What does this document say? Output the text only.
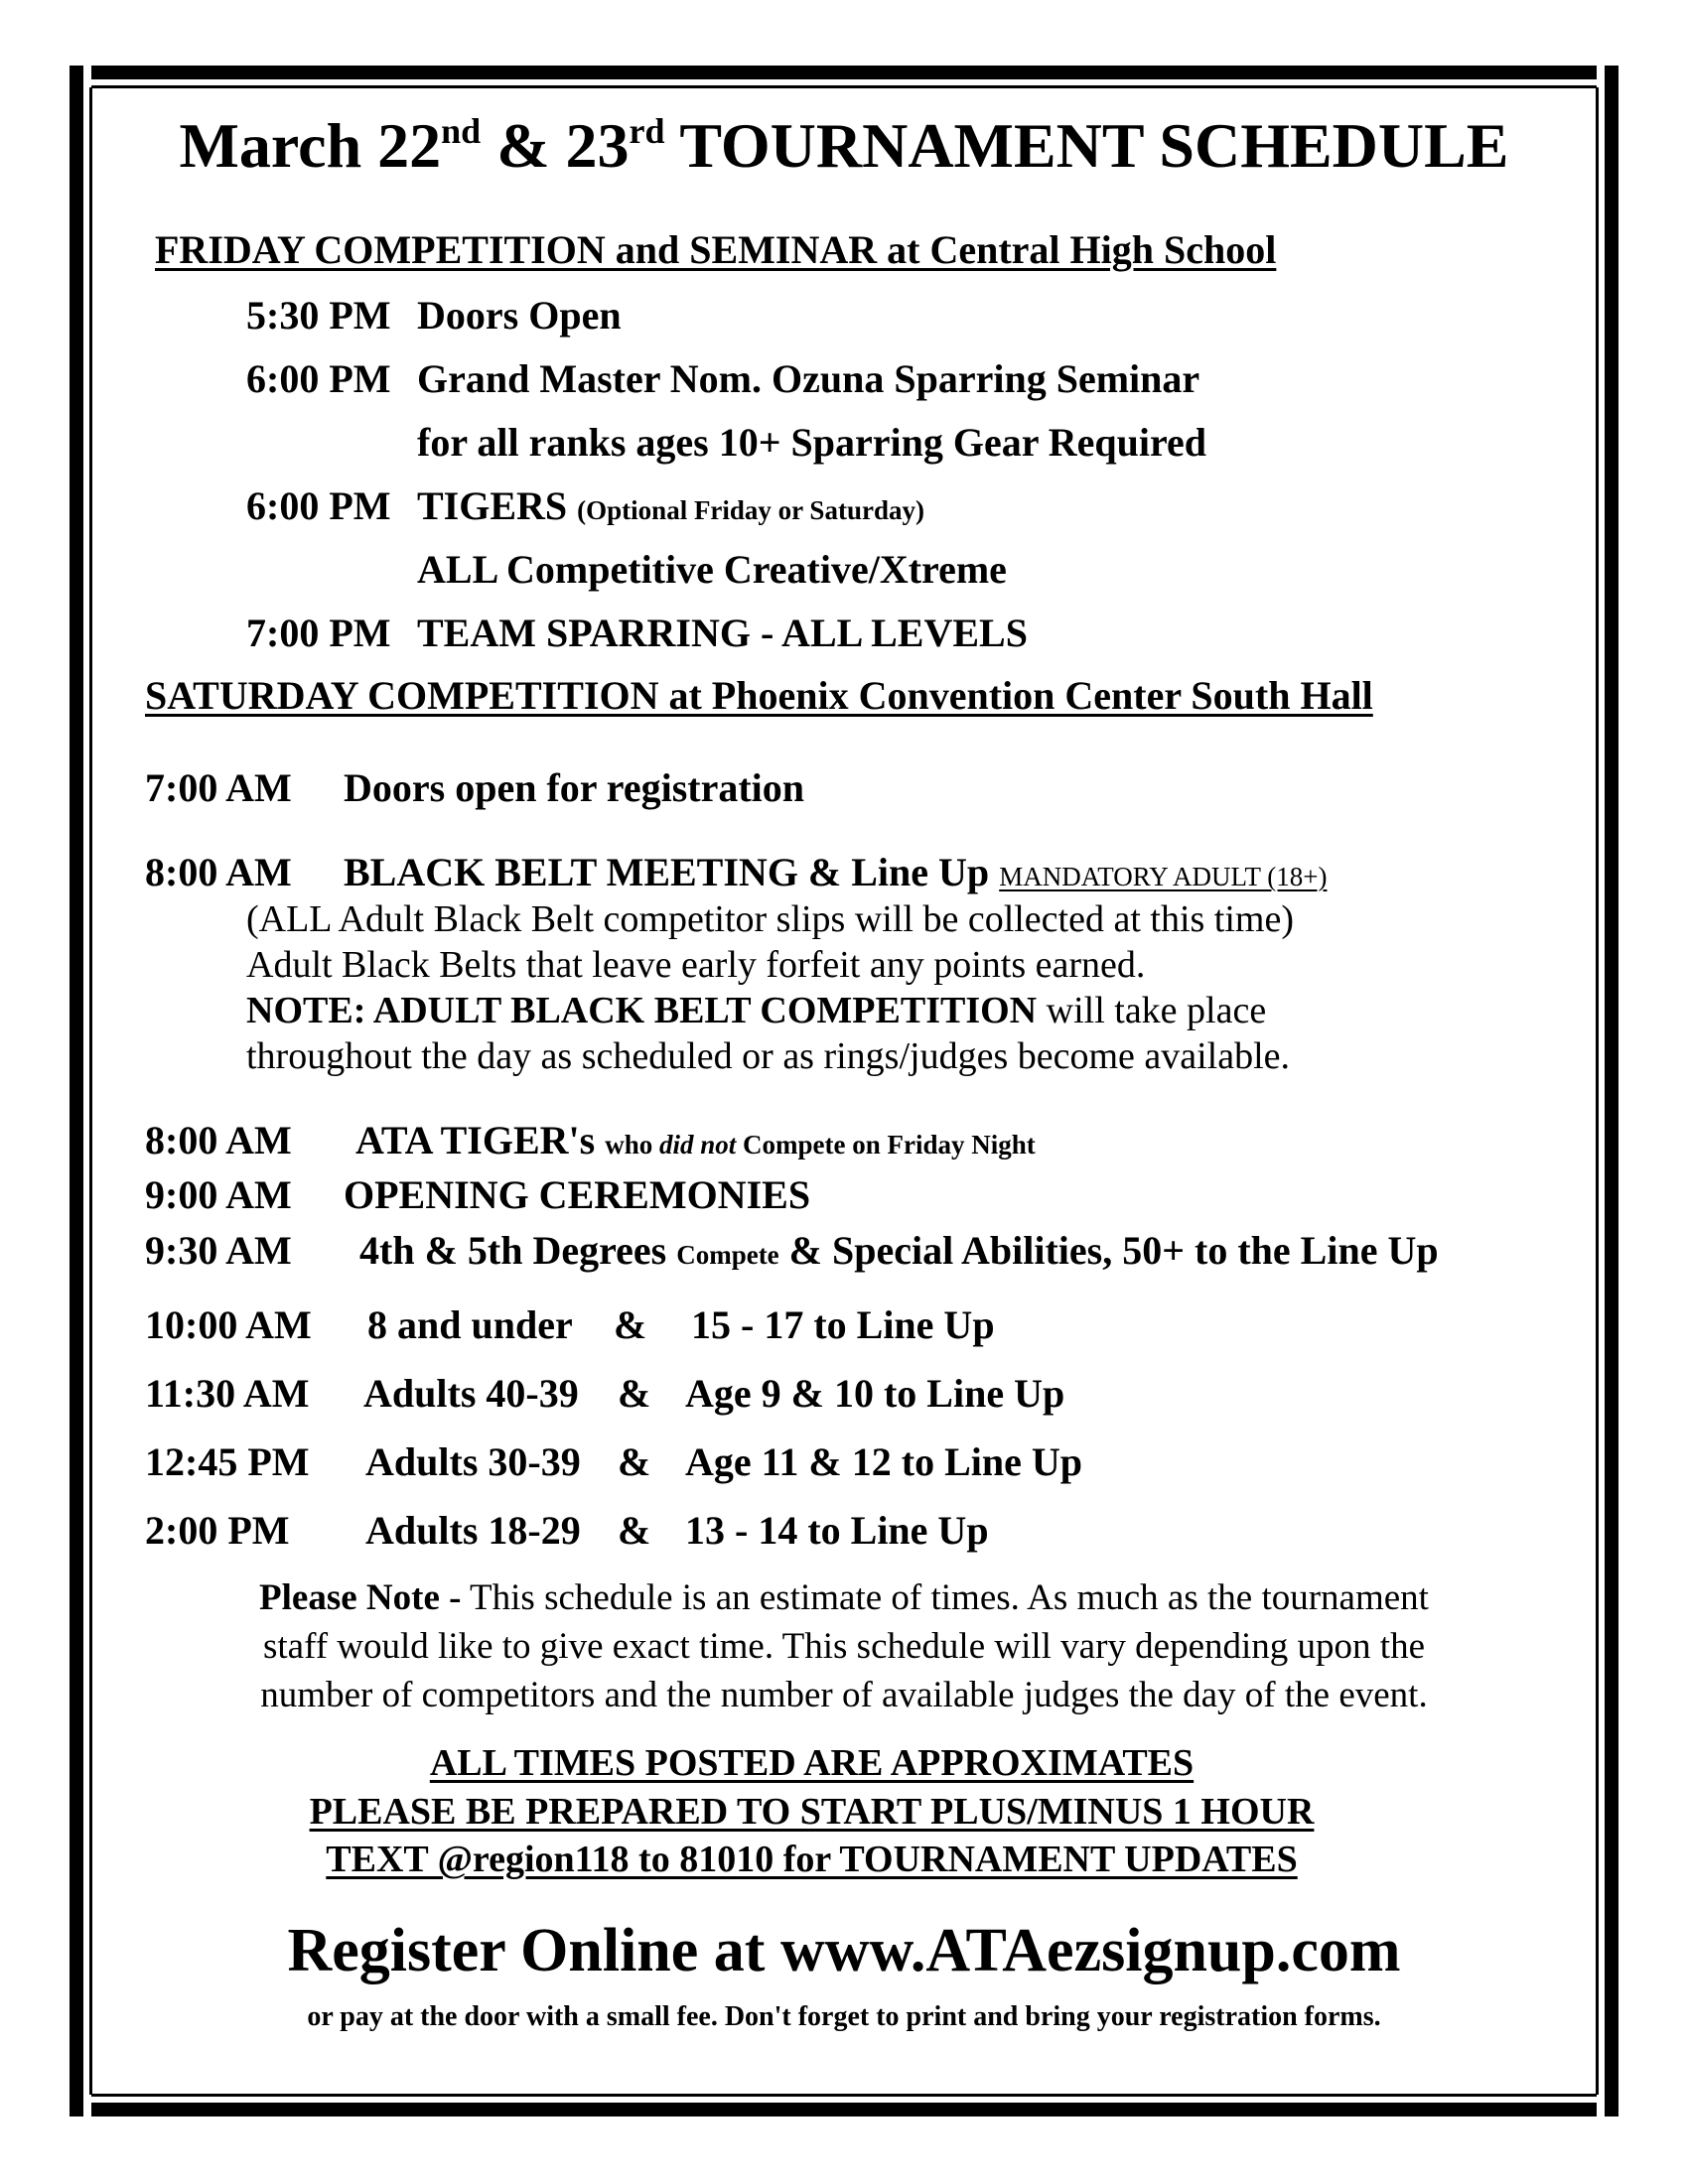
March 22nd & 23rd TOURNAMENT SCHEDULE
FRIDAY COMPETITION and SEMINAR at Central High School
5:30 PM Doors Open
6:00 PM Grand Master Nom. Ozuna Sparring Seminar
for all ranks ages 10+ Sparring Gear Required
6:00 PM TIGERS (Optional Friday or Saturday)
ALL Competitive Creative/Xtreme
7:00 PM TEAM SPARRING - ALL LEVELS
SATURDAY COMPETITION at Phoenix Convention Center South Hall
7:00 AM Doors open for registration
8:00 AM BLACK BELT MEETING & Line Up MANDATORY ADULT (18+)
(ALL Adult Black Belt competitor slips will be collected at this time)
Adult Black Belts that leave early forfeit any points earned.
NOTE: ADULT BLACK BELT COMPETITION will take place
throughout the day as scheduled or as rings/judges become available.
8:00 AM ATA TIGER's who did not Compete on Friday Night
9:00 AM OPENING CEREMONIES
9:30 AM 4th & 5th Degrees Compete & Special Abilities, 50+ to the Line Up
10:00 AM 8 and under & 15 - 17 to Line Up
11:30 AM Adults 40-39 & Age 9 & 10 to Line Up
12:45 PM Adults 30-39 & Age 11 & 12 to Line Up
2:00 PM Adults 18-29 & 13 - 14 to Line Up
Please Note - This schedule is an estimate of times. As much as the tournament
staff would like to give exact time. This schedule will vary depending upon the
number of competitors and the number of available judges the day of the event.
ALL TIMES POSTED ARE APPROXIMATES
PLEASE BE PREPARED TO START PLUS/MINUS 1 HOUR
TEXT @region118 to 81010 for TOURNAMENT UPDATES
Register Online at www.ATAezsignup.com
or pay at the door with a small fee. Don't forget to print and bring your registration forms.
